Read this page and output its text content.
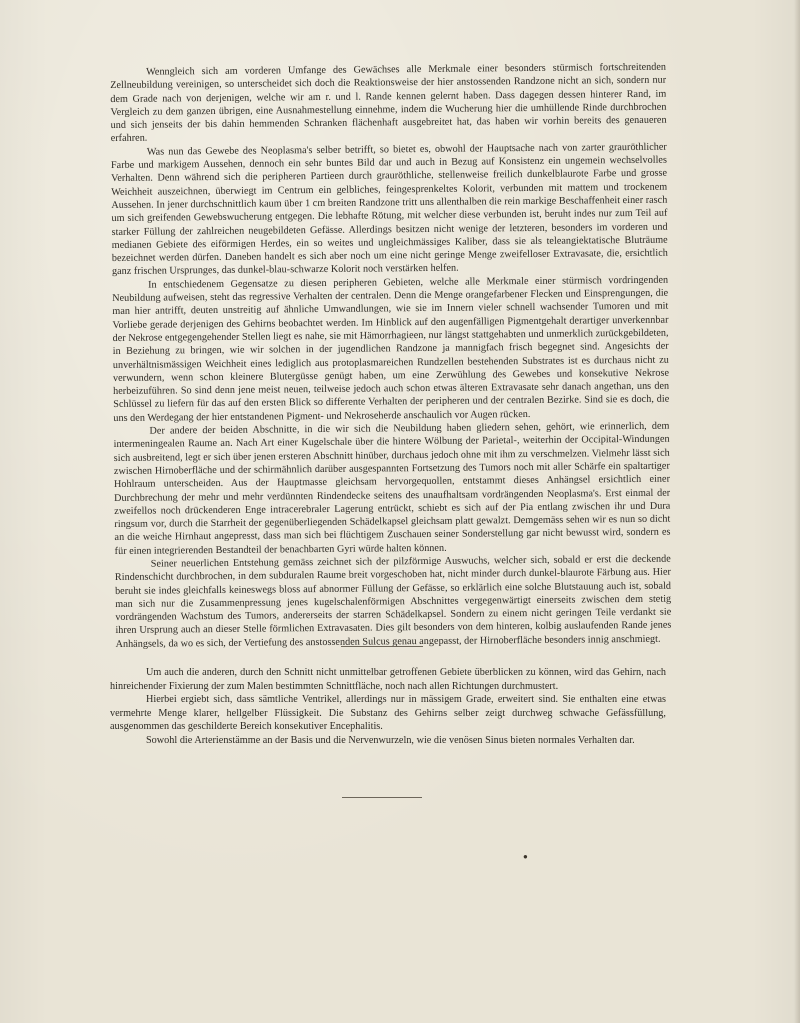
Wenngleich sich am vorderen Umfange des Gewächses alle Merkmale einer besonders stürmisch fortschreitenden Zellneubildung vereinigen, so unterscheidet sich doch die Reaktionsweise der hier anstossenden Randzone nicht an sich, sondern nur dem Grade nach von derjenigen, welche wir am r. und l. Rande kennen gelernt haben. Dass dagegen dessen hinterer Rand, im Vergleich zu dem ganzen übrigen, eine Ausnahmestellung einnehme, indem die Wucherung hier die umhüllende Rinde durchbrochen und sich jenseits der bis dahin hemmenden Schranken flächenhaft ausgebreitet hat, das haben wir vorhin bereits des genaueren erfahren.

Was nun das Gewebe des Neoplasma's selber betrifft, so bietet es, obwohl der Hauptsache nach von zarter grauröthlicher Farbe und markigem Aussehen, dennoch ein sehr buntes Bild dar und auch in Bezug auf Konsistenz ein ungemein wechselvolles Verhalten. Denn während sich die peripheren Partieen durch grauröthliche, stellenweise freilich dunkelblaurote Farbe und grosse Weichheit auszeichnen, überwiegt im Centrum ein gelbliches, feingesprenkeltes Kolorit, verbunden mit mattem und trockenem Aussehen. In jener durchschnittlich kaum über 1 cm breiten Randzone tritt uns allenthalben die rein markige Beschaffenheit einer rasch um sich greifenden Gewebswucherung entgegen. Die lebhafte Rötung, mit welcher diese verbunden ist, beruht indes nur zum Teil auf starker Füllung der zahlreichen neugebildeten Gefässe. Allerdings besitzen nicht wenige der letzteren, besonders im vorderen und medianen Gebiete des eiförmigen Herdes, ein so weites und ungleichmässiges Kaliber, dass sie als teleangiektatische Bluträume bezeichnet werden dürfen. Daneben handelt es sich aber noch um eine nicht geringe Menge zweifelloser Extravasate, die, ersichtlich ganz frischen Ursprunges, das dunkel-blau-schwarze Kolorit noch verstärken helfen.

In entschiedenem Gegensatze zu diesen peripheren Gebieten, welche alle Merkmale einer stürmisch vordringenden Neubildung aufweisen, steht das regressive Verhalten der centralen. Denn die Menge orangefarbener Flecken und Einsprengungen, die man hier antrifft, deuten unstreitig auf ähnliche Umwandlungen, wie sie im Innern vieler schnell wachsender Tumoren und mit Vorliebe gerade derjenigen des Gehirns beobachtet werden. Im Hinblick auf den augenfälligen Pigmentgehalt derartiger unverkennbar der Nekrose entgegengehender Stellen liegt es nahe, sie mit Hämorrhagieen, nur längst stattgehabten und unmerklich zurückgebildeten, in Beziehung zu bringen, wie wir solchen in der jugendlichen Randzone ja mannigfach frisch begegnet sind. Angesichts der unverhältnismässigen Weichheit eines lediglich aus protoplasmareichen Rundzellen bestehenden Substrates ist es durchaus nicht zu verwundern, wenn schon kleinere Blutergüsse genügt haben, um eine Zerwühlung des Gewebes und konsekutive Nekrose herbeizuführen. So sind denn jene meist neuen, teilweise jedoch auch schon etwas älteren Extravasate sehr danach angethan, uns den Schlüssel zu liefern für das auf den ersten Blick so differente Verhalten der peripheren und der centralen Bezirke. Sind sie es doch, die uns den Werdegang der hier entstandenen Pigment- und Nekroseherde anschaulich vor Augen rücken.

Der andere der beiden Abschnitte, in die wir sich die Neubildung haben gliedern sehen, gehört, wie erinnerlich, dem intermeningealen Raume an. Nach Art einer Kugelschale über die hintere Wölbung der Parietal-, weiterhin der Occipital-Windungen sich ausbreitend, legt er sich über jenen ersteren Abschnitt hinüber, durchaus jedoch ohne mit ihm zu verschmelzen. Vielmehr lässt sich zwischen Hirnoberfläche und der schirmähnlich darüber ausgespannten Fortsetzung des Tumors noch mit aller Schärfe ein spaltartiger Hohlraum unterscheiden. Aus der Hauptmasse gleichsam hervorgequollen, entstammt dieses Anhängsel ersichtlich einer Durchbrechung der mehr und mehr verdünnten Rindendecke seitens des unaufhaltsam vordrängenden Neoplasma's. Erst einmal der zweifellos noch drückenderen Enge intracerebraler Lagerung entrückt, schiebt es sich auf der Pia entlang zwischen ihr und Dura ringsum vor, durch die Starrheit der gegenüberliegenden Schädelkapsel gleichsam platt gewalzt. Demgemäss sehen wir es nun so dicht an die weiche Hirnhaut angepresst, dass man sich bei flüchtigem Zuschauen seiner Sonderstellung gar nicht bewusst wird, sondern es für einen integrierenden Bestandteil der benachbarten Gyri würde halten können.

Seiner neuerlichen Entstehung gemäss zeichnet sich der pilzförmige Auswuchs, welcher sich, sobald er erst die deckende Rindenschicht durchbrochen, in dem subduralen Raume breit vorgeschoben hat, nicht minder durch dunkel-blaurote Färbung aus. Hier beruht sie indes gleichfalls keineswegs bloss auf abnormer Füllung der Gefässe, so erklärlich eine solche Blutstauung auch ist, sobald man sich nur die Zusammenpressung jenes kugelschalenförmigen Abschnittes vergegenwärtigt einerseits zwischen dem stetig vordrängenden Wachstum des Tumors, andererseits der starren Schädelkapsel. Sondern zu einem nicht geringen Teile verdankt sie ihren Ursprung auch an dieser Stelle förmlichen Extravasaten. Dies gilt besonders von dem hinteren, kolbig auslaufenden Rande jenes Anhängsels, da wo es sich, der Vertiefung des anstossenden Sulcus genau angepasst, der Hirnoberfläche besonders innig anschmiegt.

Um auch die anderen, durch den Schnitt nicht unmittelbar getroffenen Gebiete überblicken zu können, wird das Gehirn, nach hinreichender Fixierung der zum Malen bestimmten Schnittfläche, noch nach allen Richtungen durchmustert.

Hierbei ergiebt sich, dass sämtliche Ventrikel, allerdings nur in mässigem Grade, erweitert sind. Sie enthalten eine etwas vermehrte Menge klarer, hellgelber Flüssigkeit. Die Substanz des Gehirns selber zeigt durchweg schwache Gefässfüllung, ausgenommen das geschilderte Bereich konsekutiver Encephalitis.

Sowohl die Arterienstämme an der Basis und die Nervenwurzeln, wie die venösen Sinus bieten normales Verhalten dar.

●
